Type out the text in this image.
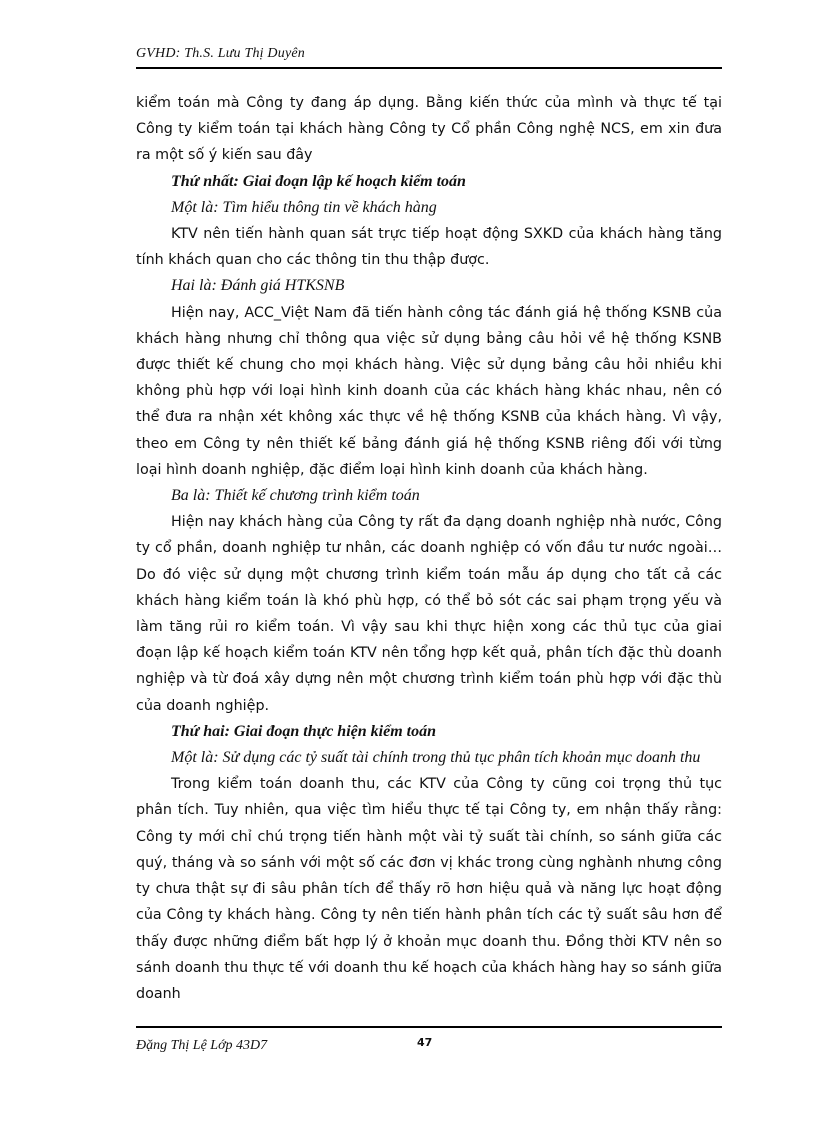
GVHD: Th.S. Lưu Thị Duyên

kiểm toán mà Công ty đang áp dụng. Bằng kiến thức của mình và thực tế tại Công ty kiểm toán tại khách hàng Công ty Cổ phần Công nghệ NCS, em xin đưa ra một số ý kiến sau đây

Thứ nhất: Giai đoạn lập kế hoạch kiểm toán

Một là: Tìm hiểu thông tin về khách hàng

KTV nên tiến hành quan sát trực tiếp hoạt động SXKD của khách hàng tăng tính khách quan cho các thông tin thu thập được.

Hai là: Đánh giá HTKSNB

Hiện nay, ACC_Việt Nam đã tiến hành công tác đánh giá hệ thống KSNB của khách hàng nhưng chỉ thông qua việc sử dụng bảng câu hỏi về hệ thống KSNB được thiết kế chung cho mọi khách hàng. Việc sử dụng bảng câu hỏi nhiều khi không phù hợp với loại hình kinh doanh của các khách hàng khác nhau, nên có thể đưa ra nhận xét không xác thực về hệ thống KSNB của khách hàng. Vì vậy, theo em Công ty nên thiết kế bảng đánh giá hệ thống KSNB riêng đối với từng loại hình doanh nghiệp, đặc điểm loại hình kinh doanh của khách hàng.

Ba là: Thiết kế chương trình kiểm toán

Hiện nay khách hàng của Công ty rất đa dạng doanh nghiệp nhà nước, Công ty cổ phần, doanh nghiệp tư nhân, các doanh nghiệp có vốn đầu tư nước ngoài… Do đó việc sử dụng một chương trình kiểm toán mẫu áp dụng cho tất cả các khách hàng kiểm toán là khó phù hợp, có thể bỏ sót các sai phạm trọng yếu và làm tăng rủi ro kiểm toán. Vì vậy sau khi thực hiện xong các thủ tục của giai đoạn lập kế hoạch kiểm toán KTV nên tổng hợp kết quả, phân tích đặc thù doanh nghiệp và từ đoá xây dựng nên một chương trình kiểm toán phù hợp với đặc thù của doanh nghiệp.

Thứ hai: Giai đoạn thực hiện kiểm toán

Một là: Sử dụng các tỷ suất tài chính trong thủ tục phân tích khoản mục doanh thu

Trong kiểm toán doanh thu, các KTV của Công ty cũng coi trọng thủ tục phân tích. Tuy nhiên, qua việc tìm hiểu thực tế tại Công ty, em nhận thấy rằng: Công ty mới chỉ chú trọng tiến hành một vài tỷ suất tài chính, so sánh giữa các quý, tháng và so sánh với một số các đơn vị khác trong cùng nghành nhưng công ty chưa thật sự đi sâu phân tích để thấy rõ hơn hiệu quả và năng lực hoạt động của Công ty khách hàng. Công ty nên tiến hành phân tích các tỷ suất sâu hơn để thấy được những điểm bất hợp lý ở khoản mục doanh thu. Đồng thời KTV nên so sánh doanh thu thực tế với doanh thu kế hoạch của khách hàng hay so sánh giữa doanh

Đặng Thị Lệ Lớp 43D7	47
